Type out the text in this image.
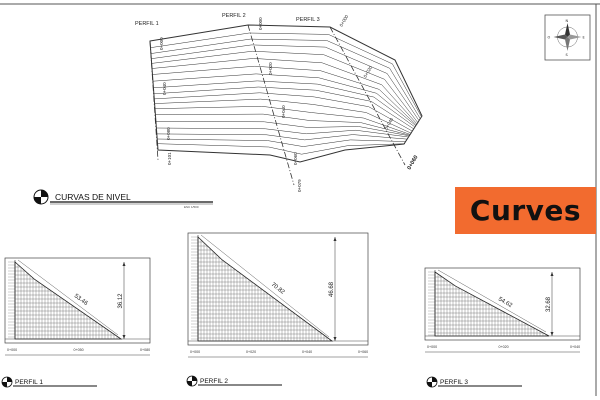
PERFIL 1
PERFIL 2
PERFIL 3
0+000
0+040
0+080
0+101
0+000
0+020
0+040
0+060
0+079
0+000
0+020
0+040
0+060
CURVAS DE NIVEL
ESC 1/500
N
S
O	E
53.46	36.12
0+000	0+050	0+080
PERFIL 1
70.82	46.68
0+000	0+020	0+040	0+060
PERFIL 2
54.62	32.68
0+000	0+020	0+040
PERFIL 3
Curves
